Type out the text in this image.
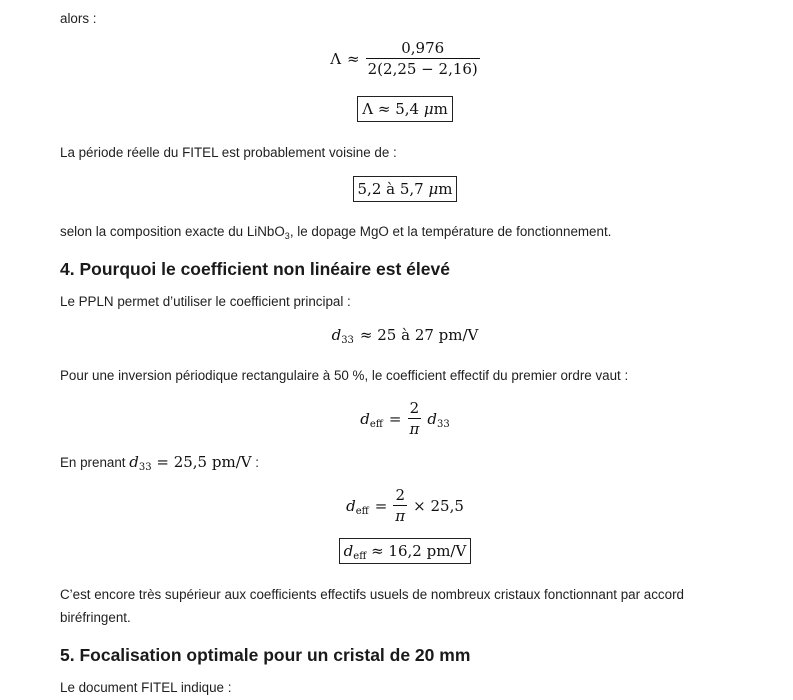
alors :
$\Lambda \approx \frac{0,976}{2(2,25 - 2,16)}$
Λ ≈ 5,4 μm
La période réelle du FITEL est probablement voisine de :
5,2 à 5,7 μm
selon la composition exacte du LiNbO$_3$, le dopage MgO et la température de fonctionnement.
4. Pourquoi le coefficient non linéaire est élevé
Le PPLN permet d’utiliser le coefficient principal :
$d_{33} \approx 25$ à 27 pm/V
Pour une inversion périodique rectangulaire à 50 %, le coefficient effectif du premier ordre vaut :
$d_{eff} = \frac{2}{\pi} d_{33}$
En prenant $d_{33} = 25,5$ pm/V :
$d_{eff} = \frac{2}{\pi} \times 25,5$
$d_{eff} \approx 16,2$ pm/V
C’est encore très supérieur aux coefficients effectifs usuels de nombreux cristaux fonctionnant par accord
biréfringent.
5. Focalisation optimale pour un cristal de 20 mm
Le document FITEL indique :
